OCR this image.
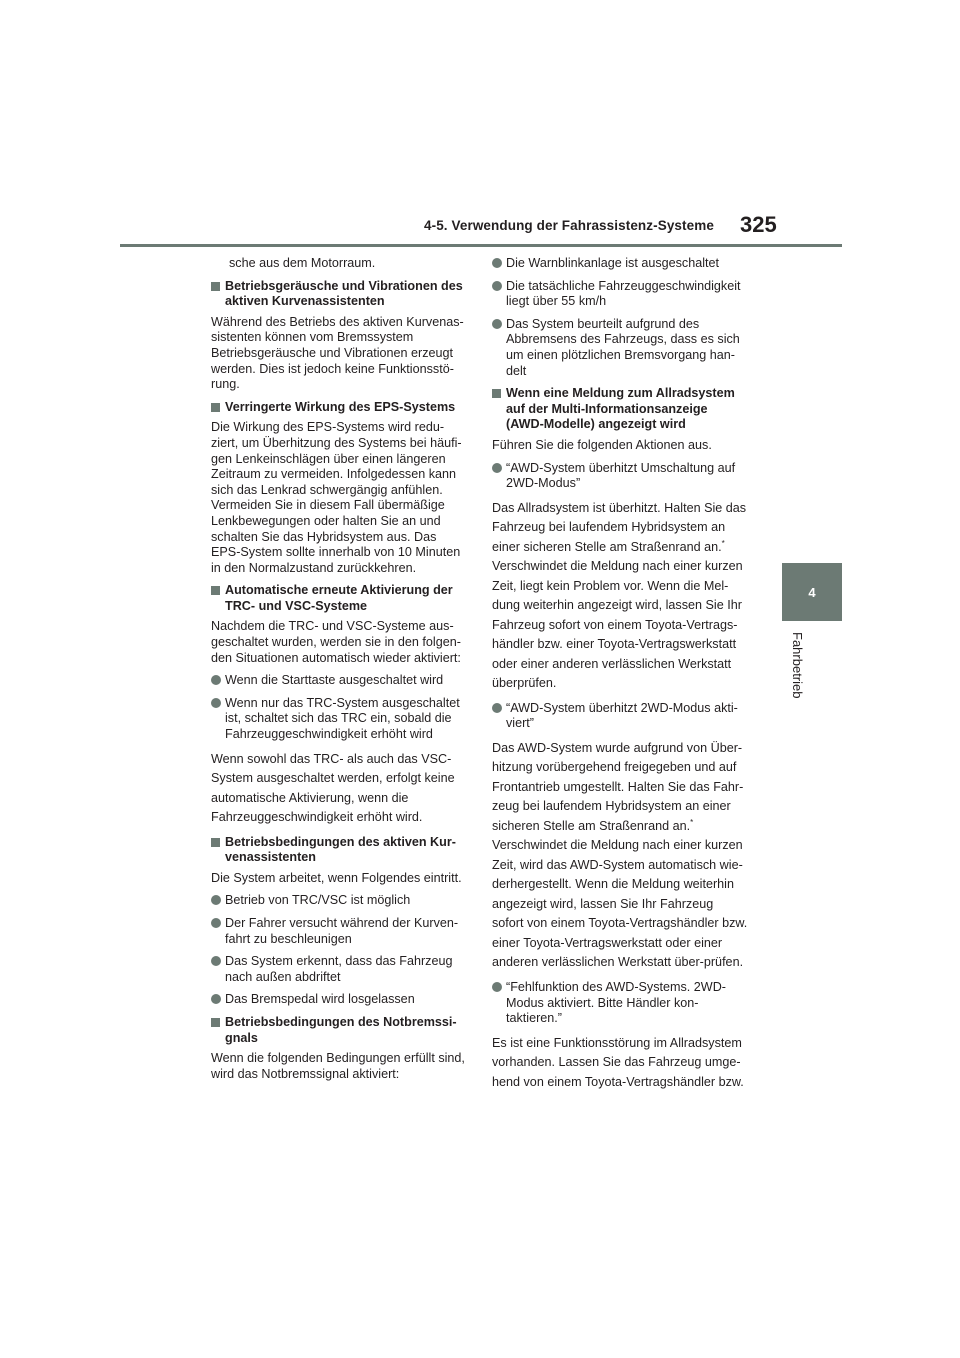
4-5. Verwendung der Fahrassistenz-Systeme 325
4
Fahrbetrieb

sche aus dem Motorraum.

Betriebsgeräusche und Vibrationen des aktiven Kurvenassistenten

Während des Betriebs des aktiven Kurvenas-sistenten können vom Bremssystem Betriebsgeräusche und Vibrationen erzeugt werden. Dies ist jedoch keine Funktionsstö-rung.

Verringerte Wirkung des EPS-Systems

Die Wirkung des EPS-Systems wird redu-ziert, um Überhitzung des Systems bei häufi-gen Lenkeinschlägen über einen längeren Zeitraum zu vermeiden. Infolgedessen kann sich das Lenkrad schwergängig anfühlen. Vermeiden Sie in diesem Fall übermäßige Lenkbewegungen oder halten Sie an und schalten Sie das Hybridsystem aus. Das EPS-System sollte innerhalb von 10 Minuten in den Normalzustand zurückkehren.

Automatische erneute Aktivierung der TRC- und VSC-Systeme

Nachdem die TRC- und VSC-Systeme aus-geschaltet wurden, werden sie in den folgen-den Situationen automatisch wieder aktiviert:

Wenn die Starttaste ausgeschaltet wird

Wenn nur das TRC-System ausgeschaltet ist, schaltet sich das TRC ein, sobald die Fahrzeuggeschwindigkeit erhöht wird

Wenn sowohl das TRC- als auch das VSC-System ausgeschaltet werden, erfolgt keine automatische Aktivierung, wenn die Fahrzeuggeschwindigkeit erhöht wird.

Betriebsbedingungen des aktiven Kur-venassistenten

Die System arbeitet, wenn Folgendes eintritt.

Betrieb von TRC/VSC ist möglich

Der Fahrer versucht während der Kurven-fahrt zu beschleunigen

Das System erkennt, dass das Fahrzeug nach außen abdriftet

Das Bremspedal wird losgelassen

Betriebsbedingungen des Notbremssi-gnals

Wenn die folgenden Bedingungen erfüllt sind, wird das Notbremssignal aktiviert:

Die Warnblinkanlage ist ausgeschaltet

Die tatsächliche Fahrzeuggeschwindigkeit liegt über 55 km/h

Das System beurteilt aufgrund des Abbremsens des Fahrzeugs, dass es sich um einen plötzlichen Bremsvorgang han-delt

Wenn eine Meldung zum Allradsystem auf der Multi-Informationsanzeige (AWD-Modelle) angezeigt wird

Führen Sie die folgenden Aktionen aus.

“AWD-System überhitzt Umschaltung auf 2WD-Modus”

Das Allradsystem ist überhitzt. Halten Sie das Fahrzeug bei laufendem Hybridsystem an einer sicheren Stelle am Straßenrand an.* Verschwindet die Meldung nach einer kurzen Zeit, liegt kein Problem vor. Wenn die Mel-dung weiterhin angezeigt wird, lassen Sie Ihr Fahrzeug sofort von einem Toyota-Vertrags-händler bzw. einer Toyota-Vertragswerkstatt oder einer anderen verlässlichen Werkstatt überprüfen.

“AWD-System überhitzt 2WD-Modus akti-viert”

Das AWD-System wurde aufgrund von Über-hitzung vorübergehend freigegeben und auf Frontantrieb umgestellt. Halten Sie das Fahr-zeug bei laufendem Hybridsystem an einer sicheren Stelle am Straßenrand an.* Verschwindet die Meldung nach einer kurzen Zeit, wird das AWD-System automatisch wie-derhergestellt. Wenn die Meldung weiterhin angezeigt wird, lassen Sie Ihr Fahrzeug sofort von einem Toyota-Vertragshändler bzw. einer Toyota-Vertragswerkstatt oder einer anderen verlässlichen Werkstatt über-prüfen.

“Fehlfunktion des AWD-Systems. 2WD-Modus aktiviert. Bitte Händler kon-taktieren.”

Es ist eine Funktionsstörung im Allradsystem vorhanden. Lassen Sie das Fahrzeug umge-hend von einem Toyota-Vertragshändler bzw.
